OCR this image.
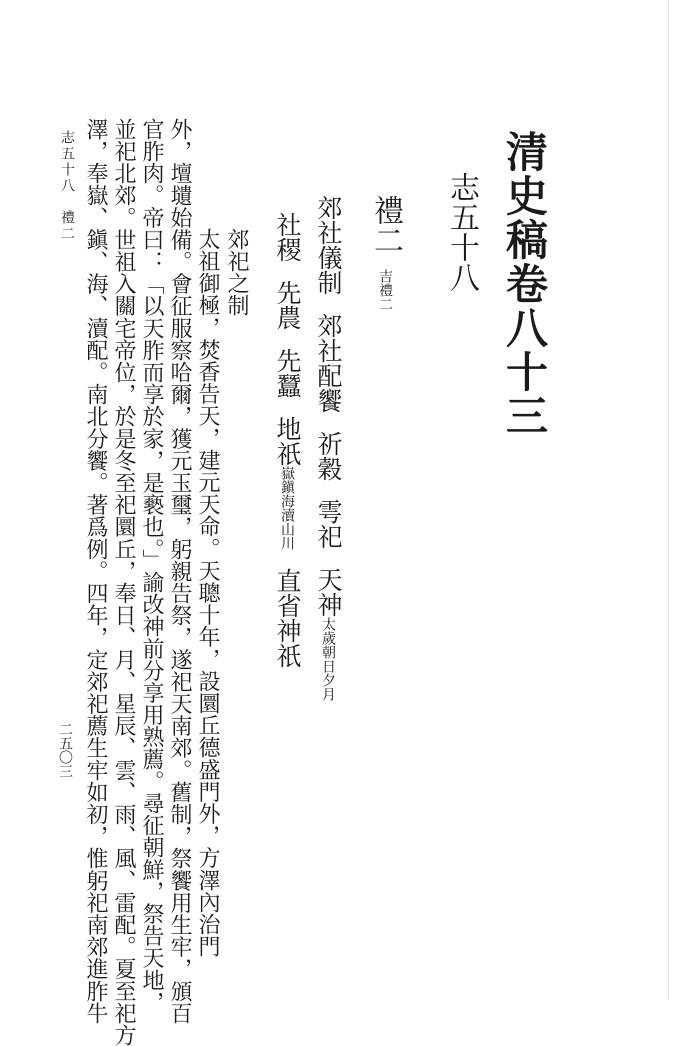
清史稿卷八十三
志五十八
禮二吉禮二
郊社儀制郊社配饗祈穀雩祀天神太歲朝日夕月
社稷先農先蠶地祇嶽鎭海瀆山川直省神祇
郊祀之制
太祖御極，焚香告天，建元天命。天聰十年，設圜丘德盛門外，方澤內治門
外，壇壝始備。會征服察哈爾，獲元玉璽，躬親告祭，遂祀天南郊。舊制，祭饗用生牢，頒百
官胙肉。帝曰：「以天胙而享於家，是褻也。」諭改神前分享用熟薦。尋征朝鮮，祭告天地，
並祀北郊。世祖入關宅帝位，於是冬至祀圜丘，奉日、月、星辰、雲、雨、風、雷配。夏至祀方
澤，奉嶽、鎭、海、瀆配。南北分饗。著爲例。四年，定郊祀薦生牢如初，惟躬祀南郊進胙牛
二五〇三
志五十八　禮二
